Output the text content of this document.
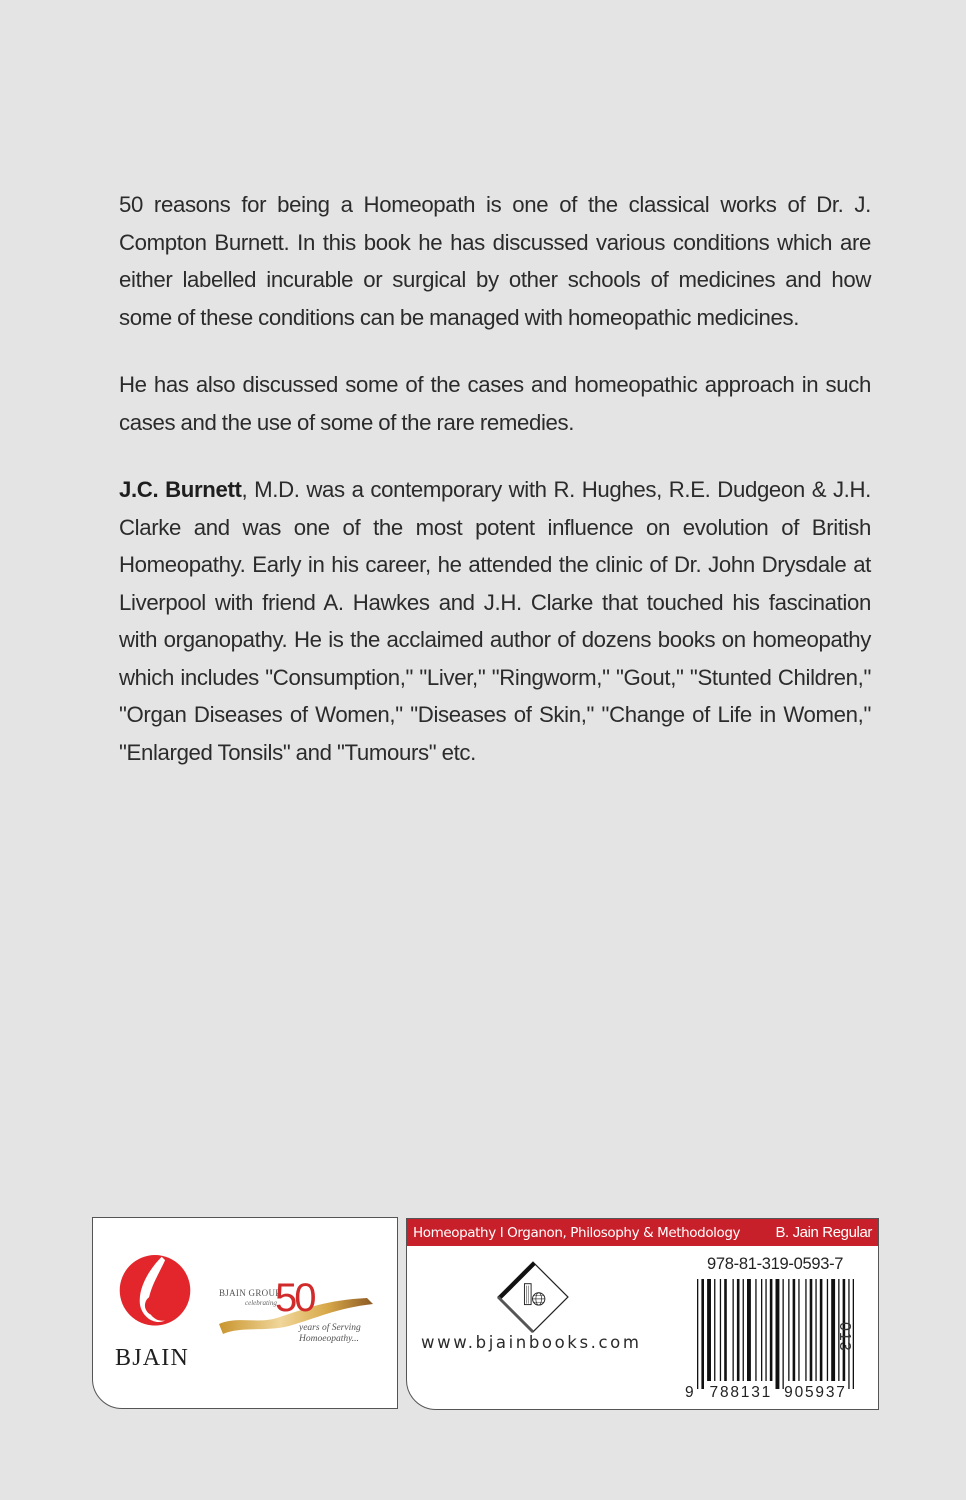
50 reasons for being a Homeopath is one of the classical works of Dr. J. Compton Burnett. In this book he has discussed various conditions which are either labelled incurable or surgical by other schools of medicines and how some of these conditions can be managed with homeopathic medicines.

He has also discussed some of the cases and homeopathic approach in such cases and the use of some of the rare remedies.

J.C. Burnett, M.D. was a contemporary with R. Hughes, R.E. Dudgeon & J.H. Clarke and was one of the most potent influence on evolution of British Homeopathy. Early in his career, he attended the clinic of Dr. John Drysdale at Liverpool with friend A. Hawkes and J.H. Clarke that touched his fascination with organopathy. He is the acclaimed author of dozens books on homeopathy which includes "Consumption," "Liver," "Ringworm," "Gout," "Stunted Children," "Organ Diseases of Women," "Diseases of Skin," "Change of Life in Women," "Enlarged Tonsils" and "Tumours" etc.

BJAIN
BJAIN GROUP
celebrating
50
years of Serving
Homoeopathy...
Homeopathy I Organon, Philosophy & Methodology B. Jain Regular
www.bjainbooks.com
978-81-319-0593-7
9 788131 905937
013
